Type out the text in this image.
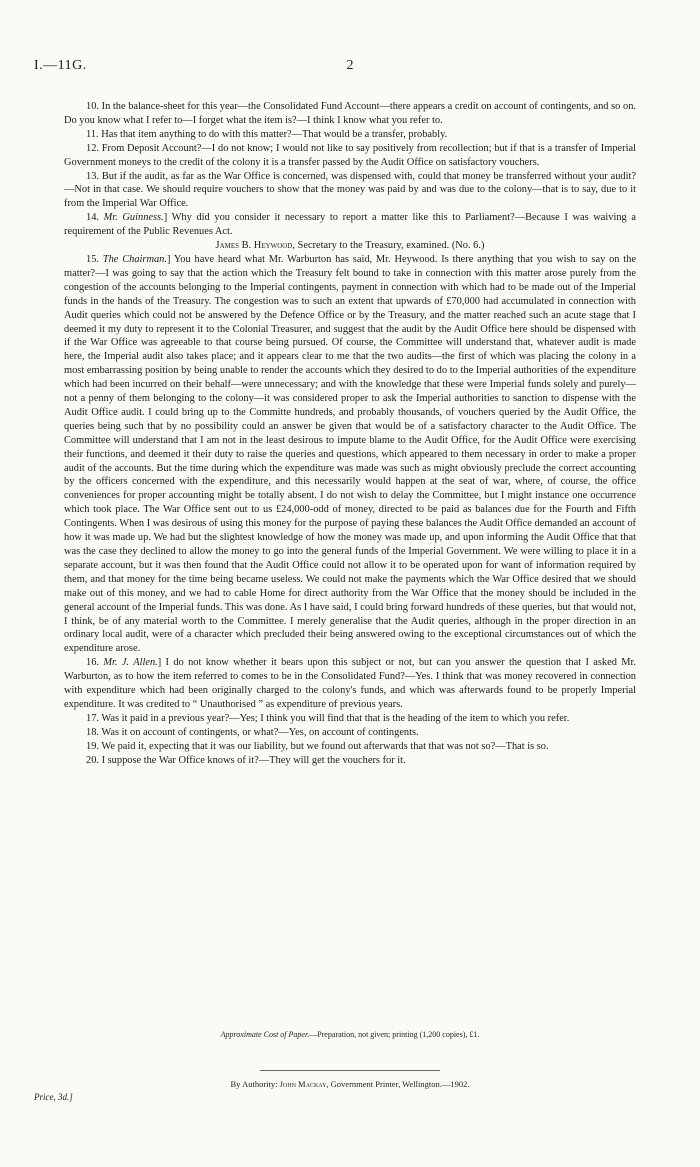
I.—11G.	2

10. In the balance-sheet for this year—the Consolidated Fund Account—there appears a credit on account of contingents, and so on. Do you know what I refer to—I forget what the item is?—I think I know what you refer to.

11. Has that item anything to do with this matter?—That would be a transfer, probably.

12. From Deposit Account?—I do not know; I would not like to say positively from recollection; but if that is a transfer of Imperial Government moneys to the credit of the colony it is a transfer passed by the Audit Office on satisfactory vouchers.

13. But if the audit, as far as the War Office is concerned, was dispensed with, could that money be transferred without your audit?—Not in that case. We should require vouchers to show that the money was paid by and was due to the colony—that is to say, due to it from the Imperial War Office.

14. Mr. Guinness.] Why did you consider it necessary to report a matter like this to Parliament?—Because I was waiving a requirement of the Public Revenues Act.

James B. Heywood, Secretary to the Treasury, examined. (No. 6.)

15. The Chairman.] You have heard what Mr. Warburton has said, Mr. Heywood. Is there anything that you wish to say on the matter?—I was going to say that the action which the Treasury felt bound to take in connection with this matter arose purely from the congestion of the accounts belonging to the Imperial contingents, payment in connection with which had to be made out of the Imperial funds in the hands of the Treasury. The congestion was to such an extent that upwards of £70,000 had accumulated in connection with Audit queries which could not be answered by the Defence Office or by the Treasury, and the matter reached such an acute stage that I deemed it my duty to represent it to the Colonial Treasurer, and suggest that the audit by the Audit Office here should be dispensed with if the War Office was agreeable to that course being pursued. Of course, the Committee will understand that, whatever audit is made here, the Imperial audit also takes place; and it appears clear to me that the two audits—the first of which was placing the colony in a most embarrassing position by being unable to render the accounts which they desired to do to the Imperial authorities of the expenditure which had been incurred on their behalf—were unnecessary; and with the knowledge that these were Imperial funds solely and purely—not a penny of them belonging to the colony—it was considered proper to ask the Imperial authorities to sanction to dispense with the Audit Office audit. I could bring up to the Committe hundreds, and probably thousands, of vouchers queried by the Audit Office, the queries being such that by no possibility could an answer be given that would be of a satisfactory character to the Audit Office. The Committee will understand that I am not in the least desirous to impute blame to the Audit Office, for the Audit Office were exercising their functions, and deemed it their duty to raise the queries and questions, which appeared to them necessary in order to make a proper audit of the accounts. But the time during which the expenditure was made was such as might obviously preclude the correct accounting by the officers concerned with the expenditure, and this necessarily would happen at the seat of war, where, of course, the office conveniences for proper accounting might be totally absent. I do not wish to delay the Committee, but I might instance one occurrence which took place. The War Office sent out to us £24,000-odd of money, directed to be paid as balances due for the Fourth and Fifth Contingents. When I was desirous of using this money for the purpose of paying these balances the Audit Office demanded an account of how it was made up. We had but the slightest knowledge of how the money was made up, and upon informing the Audit Office that that was the case they declined to allow the money to go into the general funds of the Imperial Government. We were willing to place it in a separate account, but it was then found that the Audit Office could not allow it to be operated upon for want of information required by them, and that money for the time being became useless. We could not make the payments which the War Office desired that we should make out of this money, and we had to cable Home for direct authority from the War Office that the money should be included in the general account of the Imperial funds. This was done. As I have said, I could bring forward hundreds of these queries, but that would not, I think, be of any material worth to the Committee. I merely generalise that the Audit queries, although in the proper direction in an ordinary local audit, were of a character which precluded their being answered owing to the exceptional circumstances out of which the expenditure arose.

16. Mr. J. Allen.] I do not know whether it bears upon this subject or not, but can you answer the question that I asked Mr. Warburton, as to how the item referred to comes to be in the Consolidated Fund?—Yes. I think that was money recovered in connection with expenditure which had been originally charged to the colony's funds, and which was afterwards found to be properly Imperial expenditure. It was credited to “ Unauthorised ” as expenditure of previous years.

17. Was it paid in a previous year?—Yes; I think you will find that that is the heading of the item to which you refer.

18. Was it on account of contingents, or what?—Yes, on account of contingents.

19. We paid it, expecting that it was our liability, but we found out afterwards that that was not so?—That is so.

20. I suppose the War Office knows of it?—They will get the vouchers for it.

Approximate Cost of Paper.—Preparation, not given; printing (1,200 copies), £1.
By Authority: John Mackay, Government Printer, Wellington.—1902.
Price, 3d.]
